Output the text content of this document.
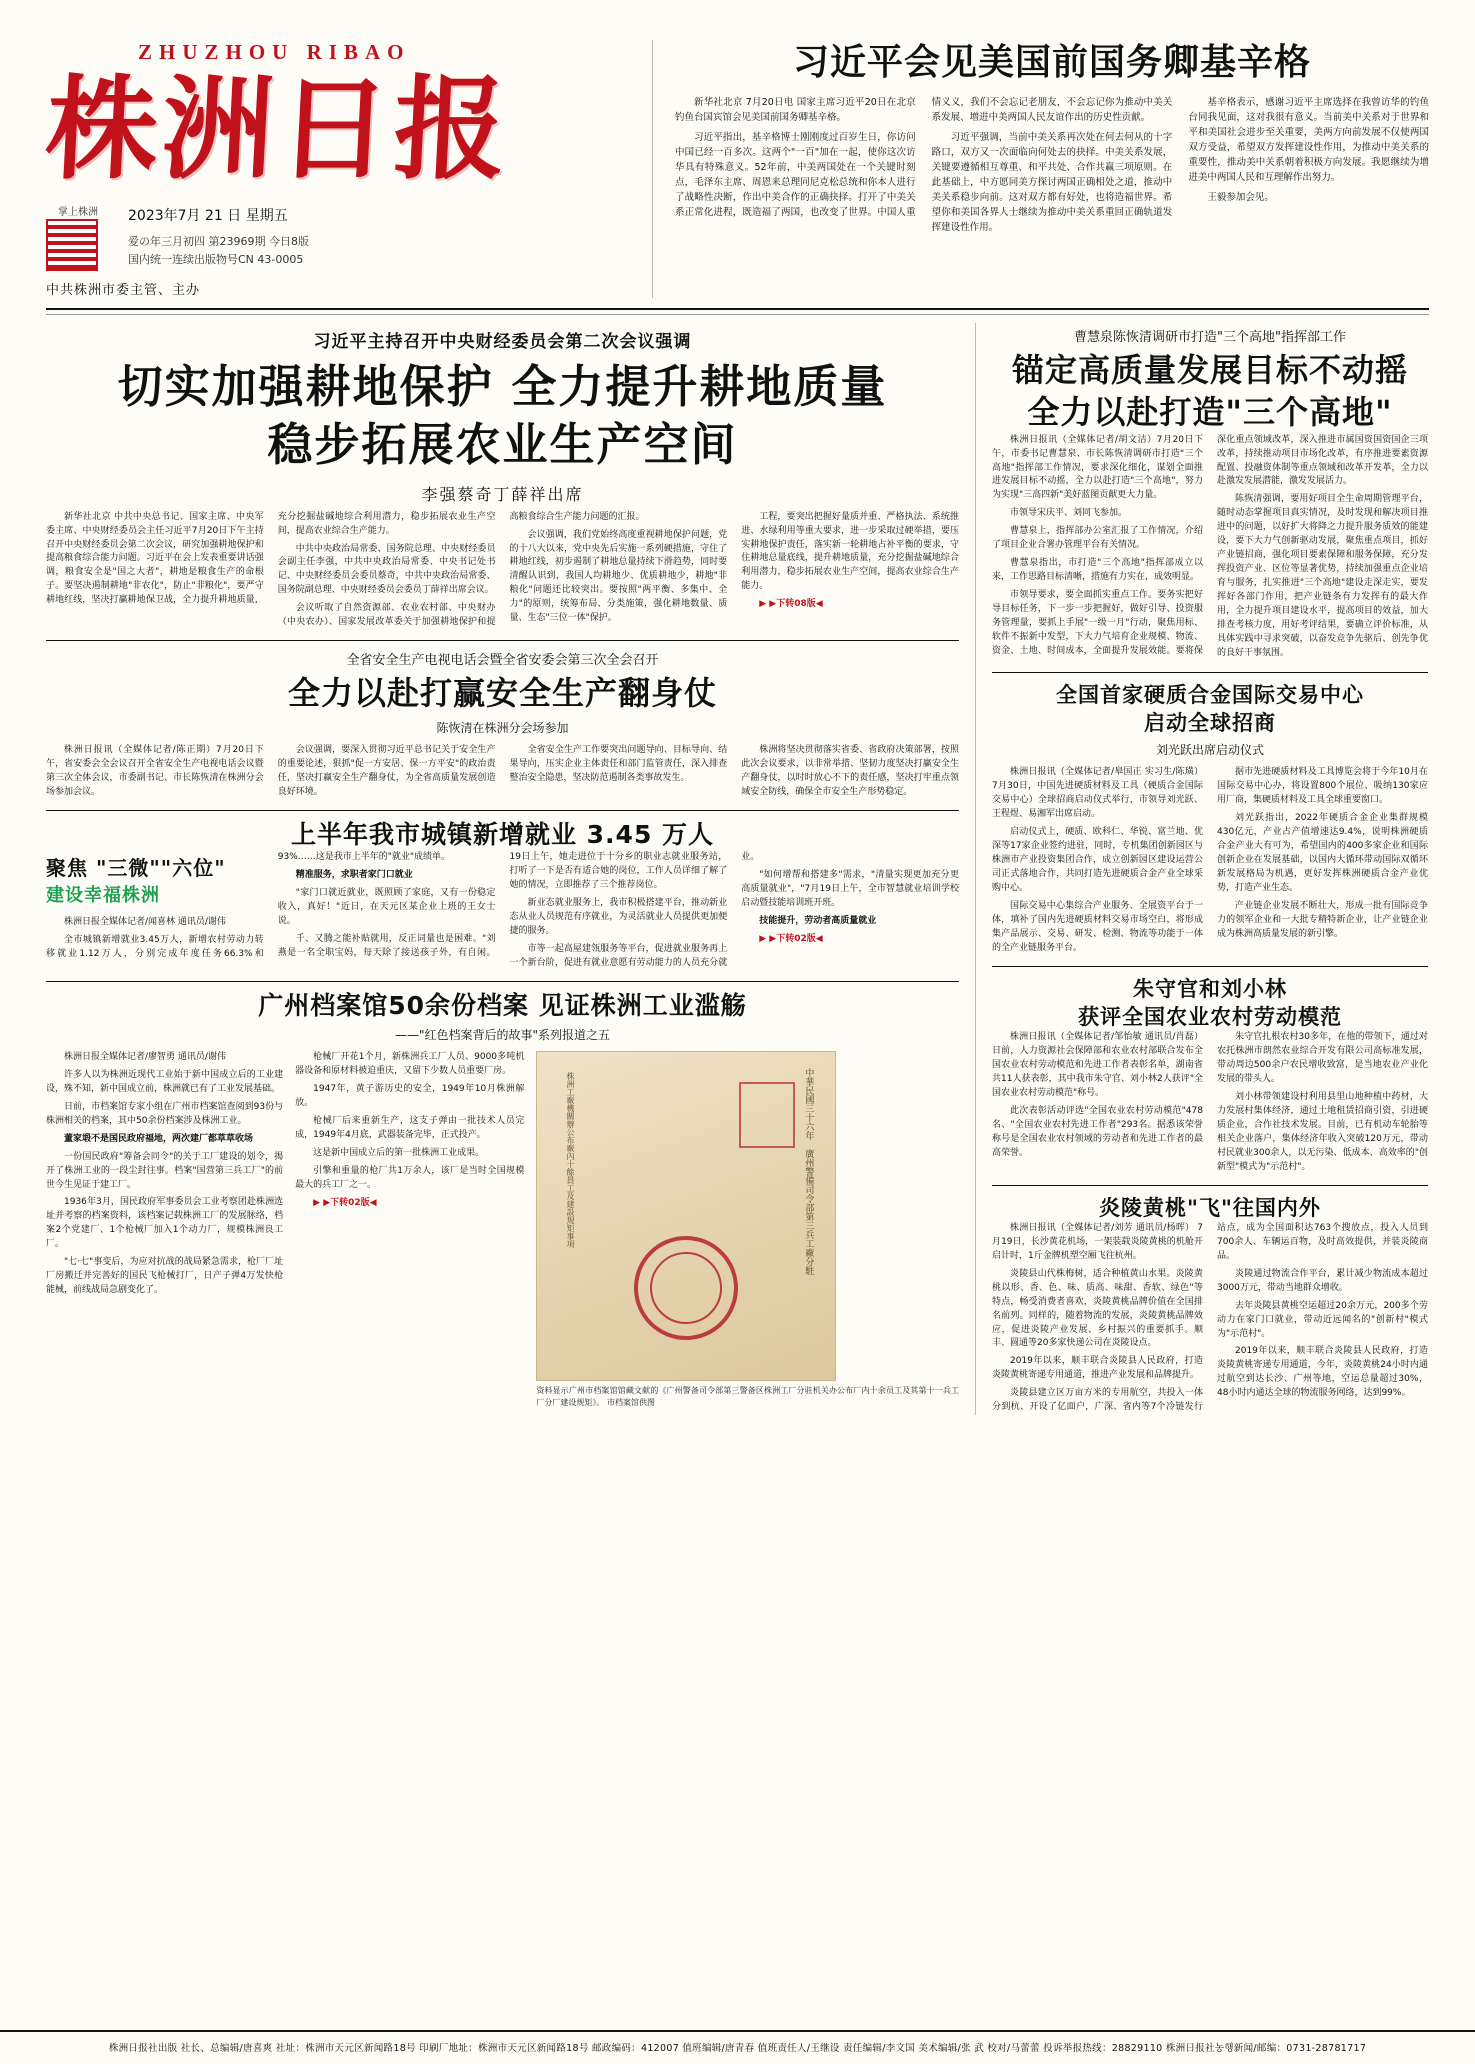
ZHUZHOU RIBAO
株洲日报
掌上株洲	2023年7月 21 日 星期五
爱の年三月初四 第23969期 今日8版
国内统一连续出版物号CN 43-0005
中共株洲市委主管、主办
习近平会见美国前国务卿基辛格

新华社北京 7月20日电 国家主席习近平20日在北京钓鱼台国宾馆会见美国前国务卿基辛格。

习近平指出，基辛格博士刚刚度过百岁生日，你访问中国已经一百多次。这两个"一百"加在一起，使你这次访华具有特殊意义。52年前，中美两国处在一个关键时刻点，毛泽东主席、周恩来总理同尼克松总统和你本人进行了战略性决断，作出中美合作的正确抉择。打开了中美关系正常化进程，既造福了两国，也改变了世界。中国人重情义义，我们不会忘记老朋友，不会忘记你为推动中美关系发展、增进中美两国人民友谊作出的历史性贡献。

习近平强调，当前中美关系再次处在何去何从的十字路口，双方又一次面临向何处去的抉择。中美关系发展，关键要遵循相互尊重、和平共处、合作共赢三项原则。在此基础上，中方愿同美方探讨两国正确相处之道，推动中美关系稳步向前。这对双方都有好处，也将造福世界。希望你和美国各界人士继续为推动中美关系重回正确轨道发挥建设性作用。

基辛格表示，感谢习近平主席选择在我曾访华的钓鱼台同我见面，这对我很有意义。当前美中关系对于世界和平和美国社会进步至关重要，美两方向前发展不仅使两国双方受益，希望双方发挥建设性作用，为推动中美关系的重要性，推动美中关系朝着积极方向发展。我愿继续为增进美中两国人民和互理解作出努力。

王毅参加会见。

习近平主持召开中央财经委员会第二次会议强调
切实加强耕地保护 全力提升耕地质量
稳步拓展农业生产空间
李强蔡奇丁薛祥出席

新华社北京 中共中央总书记、国家主席、中央军委主席、中央财经委员会主任习近平7月20日下午主持召开中央财经委员会第二次会议，研究加强耕地保护和提高粮食综合能力问题。习近平在会上发表重要讲话强调，粮食安全是"国之大者"，耕地是粮食生产的命根子。要坚决遏制耕地"非农化"，防止"非粮化"，要严守耕地红线，坚决打赢耕地保卫战，全力提升耕地质量，充分挖掘盐碱地综合利用潜力，稳步拓展农业生产空间，提高农业综合生产能力。

中共中央政治局常委、国务院总理、中央财经委员会副主任李强，中共中央政治局常委、中央书记处书记、中央财经委员会委员蔡奇，中共中央政治局常委、国务院副总理、中央财经委员会委员丁薛祥出席会议。

会议听取了自然资源部、农业农村部、中央财办（中央农办）、国家发展改革委关于加强耕地保护和提高粮食综合生产能力问题的汇报。

会议强调，我们党始终高度重视耕地保护问题，党的十八大以来，党中央先后实施一系列硬措施，守住了耕地红线，初步遏制了耕地总量持续下滑趋势，同时要清醒认识到，我国人均耕地少、优质耕地少，耕地"非粮化"问题还比较突出。要按照"两平衡、多集中、全力"的原则，统筹布局、分类施策，强化耕地数量、质量、生态"三位一体"保护。

工程，要突出把握好量质并重、严格执法、系统推进、水绿利用等重大要求，进一步采取过硬举措，要压实耕地保护责任，落实新一轮耕地占补平衡的要求，守住耕地总量底线，提升耕地质量，充分挖掘盐碱地综合利用潜力，稳步拓展农业生产空间，提高农业综合生产能力。

▶ ▶下转08版◀

全省安全生产电视电话会暨全省安委会第三次全会召开
全力以赴打赢安全生产翻身仗
陈恢清在株洲分会场参加

株洲日报讯（全媒体记者/陈正期）7月20日下午，省安委会全会议召开全省安全生产电视电话会议暨第三次全体会议，市委副书记、市长陈恢清在株洲分会场参加会议。

会议强调，要深入贯彻习近平总书记关于安全生产的重要论述，狠抓"促一方安居、保一方平安"的政治责任，坚决打赢安全生产翻身仗，为全省高质量发展创造良好环境。

全省安全生产工作要突出问题导向、目标导向、结果导向，压实企业主体责任和部门监管责任，深入排查整治安全隐患，坚决防范遏制各类事故发生。

株洲将坚决贯彻落实省委、省政府决策部署，按照此次会议要求，以非常举措、坚韧力度坚决打赢安全生产翻身仗，以时时放心不下的责任感，坚决打牢重点领域安全防线，确保全市安全生产形势稳定。

上半年我市城镇新增就业 3.45 万人
聚焦 "三微""六位"
建设幸福株洲

株洲日报全媒体记者/闻喜林 通讯员/谢伟

全市城镇新增就业3.45万人，新增农村劳动力转移就业1.12万人，分别完成年度任务66.3%和93%……这是我市上半年的"就业"成绩单。

精准服务，求职者家门口就业

"家门口就近就业，既照顾了家庭，又有一份稳定收入，真好！"近日，在天元区某企业上班的王女士说。

千、又腾之能补贴就用，反正词量也是困难。"刘燕是一名全职宝妈，每天除了接送孩子外，有自闲。19日上午，她走进位于十分乡的职业志就业服务站，打听了一下是否有适合她的岗位，工作人员详细了解了她的情况，立即推荐了三个推荐岗位。

新业态就业服务上，我市积极搭建平台，推动新业态从业人员规范有序就业，为灵活就业人员提供更加便捷的服务。

市等一起高屋建瓴服务等平台，促进就业服务再上一个新台阶，促进有就业意愿有劳动能力的人员充分就业。

"如何增帮和搭建多"需求，"清量实现更加充分更高质量就业"，"7月19日上午，全市智慧就业培训学校启动暨技能培训班开班。

技能提升，劳动者高质量就业

▶ ▶下转02版◀

广州档案馆50余份档案 见证株洲工业滥觞
——"红色档案背后的故事"系列报道之五

株洲日报全媒体记者/廖智勇 通讯员/谢伟

许多人以为株洲近现代工业始于新中国成立后的工业建设，殊不知，新中国成立前，株洲就已有了工业发展基础。

日前，市档案馆专家小组在广州市档案馆查阅到93份与株洲相关的档案，其中50余份档案涉及株洲工业。

董家塅不是国民政府福地，两次建厂都草草收场

一份国民政府"筹备会同令"的关于工厂建设的划令，揭开了株洲工业的一段尘封往事。档案"国营第三兵工厂"的前世今生见证于建工厂。

1936年3月，国民政府军事委员会工业考察团赴株洲选址并考察的档案资料，该档案记载株洲工厂的发展脉络，档案2个党建厂、1个枪械厂加入1个动力厂，规模株洲良工厂。

"七·七"事变后，为应对抗战的战局紧急需求，枪厂厂址厂房搬迁并完善好的国民飞枪械打厂，日产子弹4万发快枪能械，前线战局急剧变化了。

枪械厂开花1个月，新株洲兵工厂人员、9000多吨机器设备和原材料被迫重庆，又留下少数人员重要厂房。

1947年，黄子游历史的安全，1949年10月株洲解放。

枪械厂后来重新生产，这支子弹由一批技术人员完成，1949年4月底，武器装备完毕，正式投产。

这是新中国成立后的第一批株洲工业成果。

引擎和重量的枪厂共1万余人，该厂是当时全国规模最大的兵工厂之一。

▶ ▶下转02版◀	中華民國三十六年　廣州警備司令部第三兵工廠分駐
株洲工廠機關辦公布廠內十餘員工及建設規矩事項
资料显示广州市档案馆馆藏文献的《广州警备司令部第三警备区株洲工厂分驻机关办公布厂内十余员工及其第十一兵工厂分厂建设规矩》。 市档案馆供图
曹慧泉陈恢清调研市打造"三个高地"指挥部工作
锚定高质量发展目标不动摇
全力以赴打造"三个高地"

株洲日报讯（全媒体记者/胡文洁）7月20日下午，市委书记曹慧泉、市长陈恢清调研市打造"三个高地"指挥部工作情况，要求深化细化，谋划全面推进发展目标不动摇，全力以赴打造"三个高地"，努力为实现"三高四新"美好蓝图贡献更大力量。

市领导宋庆平、刘同飞参加。

曹慧泉上，指挥部办公室汇报了工作情况，介绍了项目企业合署办管理平台有关情况。

曹慧泉指出，市打造"三个高地"指挥部成立以来，工作思路目标清晰，措施有力实在，成效明显。

市领导要求，要全面抓实重点工作。要务实把好导目标任务，下一步一步把握好，做好引导、投资服务管理量，要抓上手展"一级一月"行动，聚焦用标、软件不振新中发型，下大力气培育企业规模、物流、资金、土地、时间成本，全面提升发展效能。要将保深化重点领域改革，深入推进市属国资国资国企三项改革，持续推动项目市场化改革，有序推进要素资源配置、投融资体制等重点领域和改革开发革，全力以赴激发发展潜能，激发发展活力。

陈恢清强调，要用好项目全生命周期管理平台，随时动态掌握项目真实情况，及时发现和解决项目推进中的问题，以好扩大将降之力提升服务质效的能建设，要下大力气创新驱动发展，聚焦重点项目，抓好产业链招商，强化项目要素保障和服务保障，充分发挥投资产业、区位等显著优势，持续加强重点企业培育与服务，扎实推进"三个高地"建设走深走实，要发挥好各部门作用，把产业链条有力发挥有的最大作用，全力提升项目建设水平，提高项目的效益，加大排查考核力度，用好考评结果，要确立评价标准，从具体实践中寻求突破，以奋发竞争先驱后、创先争优的良好干事氛围。

全国首家硬质合金国际交易中心
启动全球招商
刘光跃出席启动仪式

株洲日报讯（全媒体记者/皋国正 实习生/陈璜） 7月30日，中国先进硬质材料及工具（硬质合金国际交易中心）全球招商启动仪式举行，市领导刘光跃、王程煜、易湘军出席启动。

启动仪式上，硬质、欧科仁、华锐、富兰地、优深等17家企业签约进驻，同时，专机集团创新园区与株洲市产业投资集团合作，成立创新园区建设运营公司正式落地合作，共同打造先进硬质合金产业全球采购中心。

国际交易中心集综合产业服务、全展资平台于一体，填补了国内先进硬质材料交易市场空白，将形成集产品展示、交易、研发、检测、物流等功能于一体的全产业链服务平台。

据市先进硬质材料及工具博览会将于今年10月在国际交易中心办，将设置800个展位、吸纳130家应用厂商，集硬质材料及工具全球重要窗口。

刘光跃指出，2022年硬质合金企业集群规模430亿元，产业占产值增速达9.4%，说明株洲硬质合金产业大有可为，希望国内的400多家企业和国际创新企业在发展基础，以国内大循环带动国际双循环新发展格局为机遇，更好发挥株洲硬质合金产业优势，打造产业生态。

产业链企业发展不断壮大，形成一批有国际竞争力的领军企业和一大批专精特新企业，让产业链企业成为株洲高质量发展的新引擎。

朱守官和刘小林
获评全国农业农村劳动模范

株洲日报讯（全媒体记者/邹怡敏 通讯员/肖磊）日前，人力资源社会保障部和农业农村部联合发布全国农业农村劳动模范和先进工作者表彰名单，湖南省共11人获表彰，其中我市朱守官、刘小林2人获评"全国农业农村劳动模范"称号。

此次表彰活动评选"全国农业农村劳动模范"478名、"全国农业农村先进工作者"293名。据悉该荣誉称号是全国农业农村领域的劳动者和先进工作者的最高荣誉。

朱守官扎根农村30多年，在他的带领下，通过对农托株洲市朗然农业综合开发有限公司高标准发展，带动周边500余户农民增收致富，是当地农业产业化发展的带头人。

刘小林带领建设村利用县里山地种植中药材，大力发展村集体经济，通过土地租赁招商引资，引进硬质企业，合作社技术发展。目前，已有机动车轮胎等相关企业落户，集体经济年收入突破120万元，带动村民就业300余人，以无污染、低成本、高效率的"创新型"模式为"示范村"。

炎陵黄桃"飞"往国内外

株洲日报讯（全媒体记者/刘芳 通讯员/杨晖） 7月19日，长沙黄花机场，一架装载炎陵黄桃的机舱开启计时，1斤金牌机塑空厢飞往杭州。

炎陵县山代株梅树，适合种植黄山水果。炎陵黄桃以形、香、色、味、质高、味甜、香软、绿色"等特点，畅受消费者喜欢，炎陵黄桃品牌价值在全国排名前列。同样的，随着物流的发展，炎陵黄桃品牌效应，促进炎陵产业发展、乡村振兴的重要抓手。顺丰、圆通等20多家快递公司在炎陵设点。

2019年以来，顺丰联合炎陵县人民政府，打造炎陵黄桃寄递专用通道，推进产业发展和品牌提升。

炎陵县建立区万亩方米的专用航空，共投入一体分到杭、开设了亿面户，广深、省内等7个冷链发行站点，成为全国面积达763个搜放点，投入人员到700余人、车辆运百物，及时高效提供，并装炎陵商品。

炎陵通过物流合作平台，累计减少物流成本超过3000万元，带动当地群众增收。

去年炎陵县黄桃空运超过20余万元，200多个劳动力在家门口就业，带动近远闻名的"创新村"模式为"示范村"。

2019年以来，顺丰联合炎陵县人民政府，打造炎陵黄桃寄递专用通道，今年，炎陵黄桃24小时内通过航空到达长沙、广州等地，空运总量超过30%，48小时内通达全球的物流服务网络，达到99%。

株洲日报社出版 社长、总编辑/唐喜爽 社址：株洲市天元区新闻路18号 印刷厂地址：株洲市天元区新闻路18号 邮政编码：412007 值班编辑/唐青春 值班责任人/王继设 责任编辑/李文国 美术编辑/张 武 校对/马蕾蕾 投诉举报热线：28829110 株洲日报社농행新闻/邮编：0731-28781717
